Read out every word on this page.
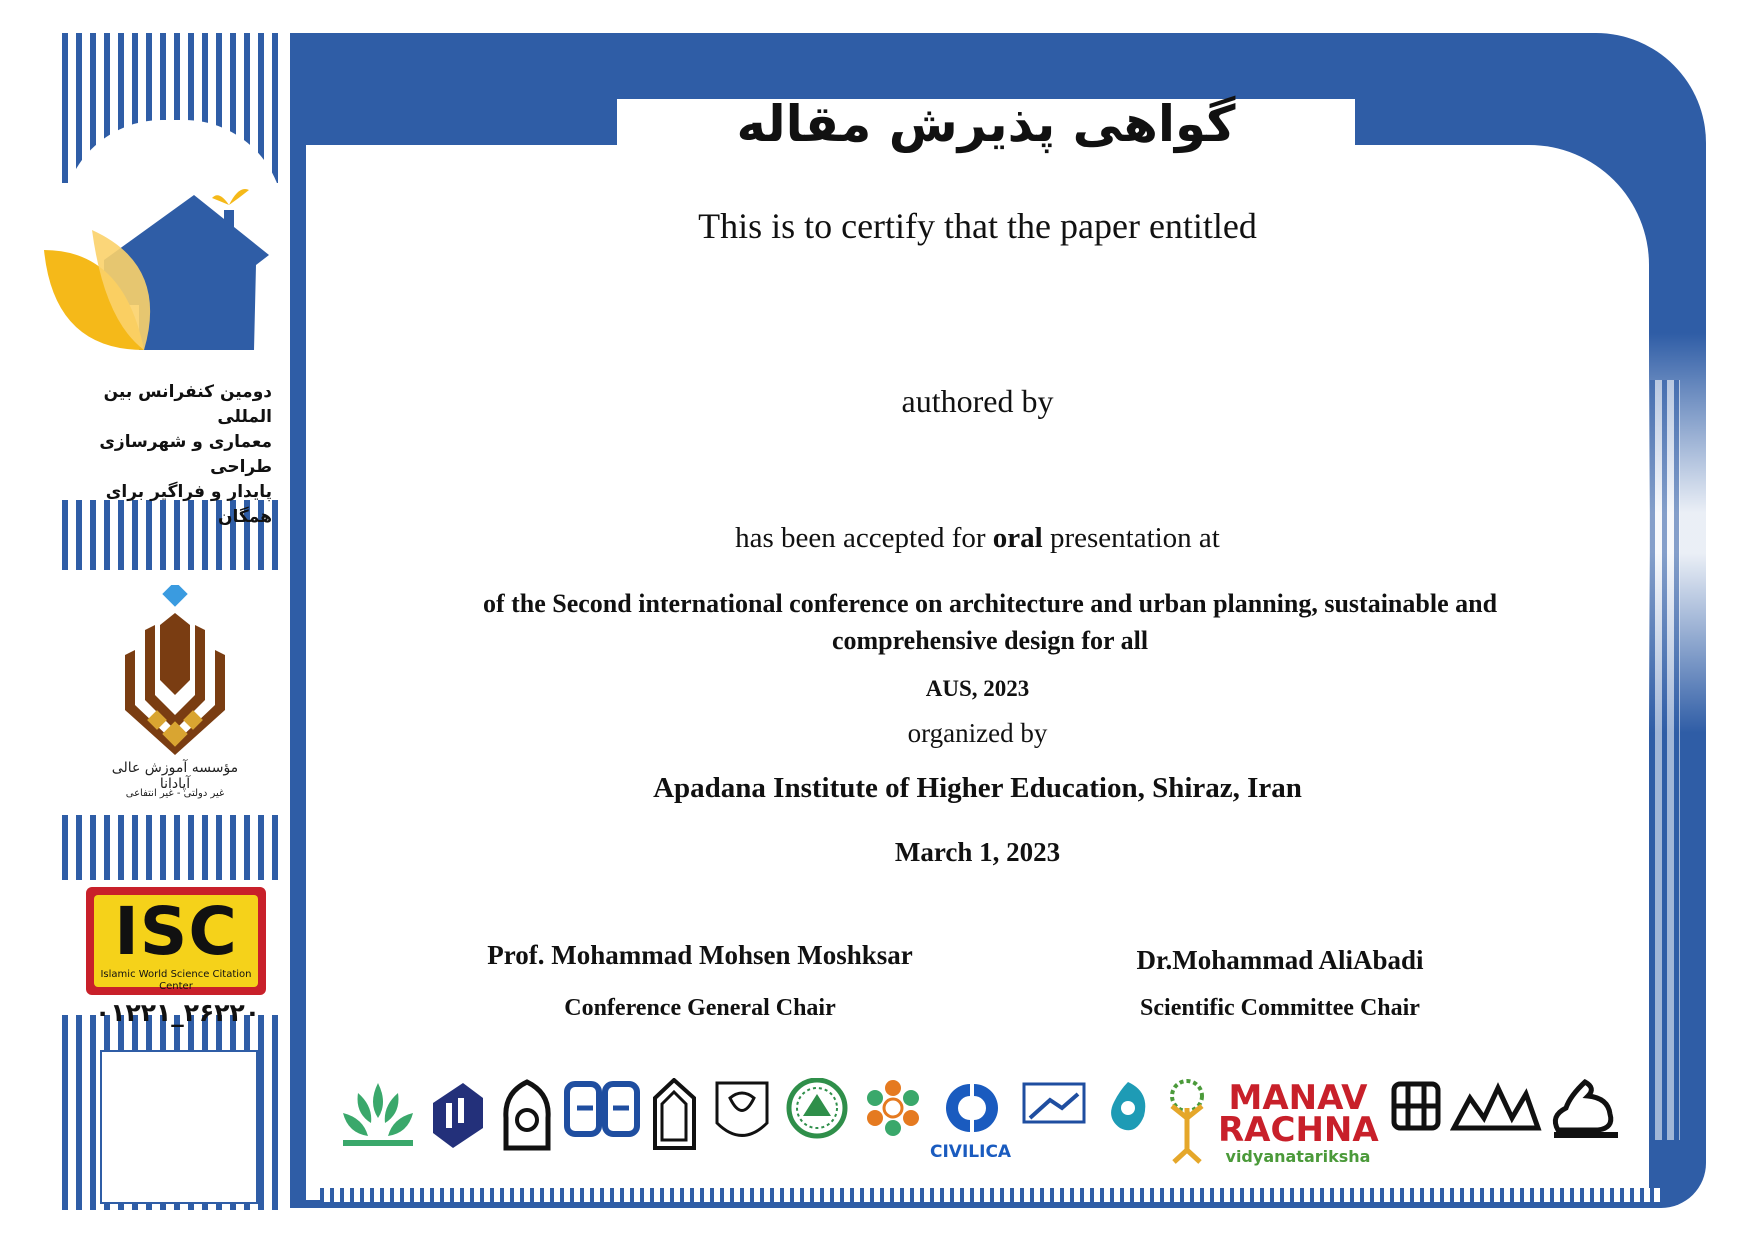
دومین کنفرانس بین المللی
معماری و شهرسازی طراحی
پایدار و فراگیر برای همگان
مؤسسه آموزش عالی آپادانا
غیر دولتی - غیر انتفاعی
ISC
Islamic World Science Citation Center
۰۱۲۲۱_۲۶۲۲۰
گواهی پذیرش مقاله
This is to certify that the paper entitled
authored by
has been accepted for oral presentation at
of the Second international conference on architecture and urban planning, sustainable and comprehensive design for all
AUS, 2023
organized by
Apadana Institute of Higher Education, Shiraz, Iran
March 1, 2023
Prof. Mohammad Mohsen Moshksar
Conference General Chair
Dr.Mohammad AliAbadi
Scientific Committee Chair
CIVILICA
MANAV
RACHNA
vidyanatariksha
